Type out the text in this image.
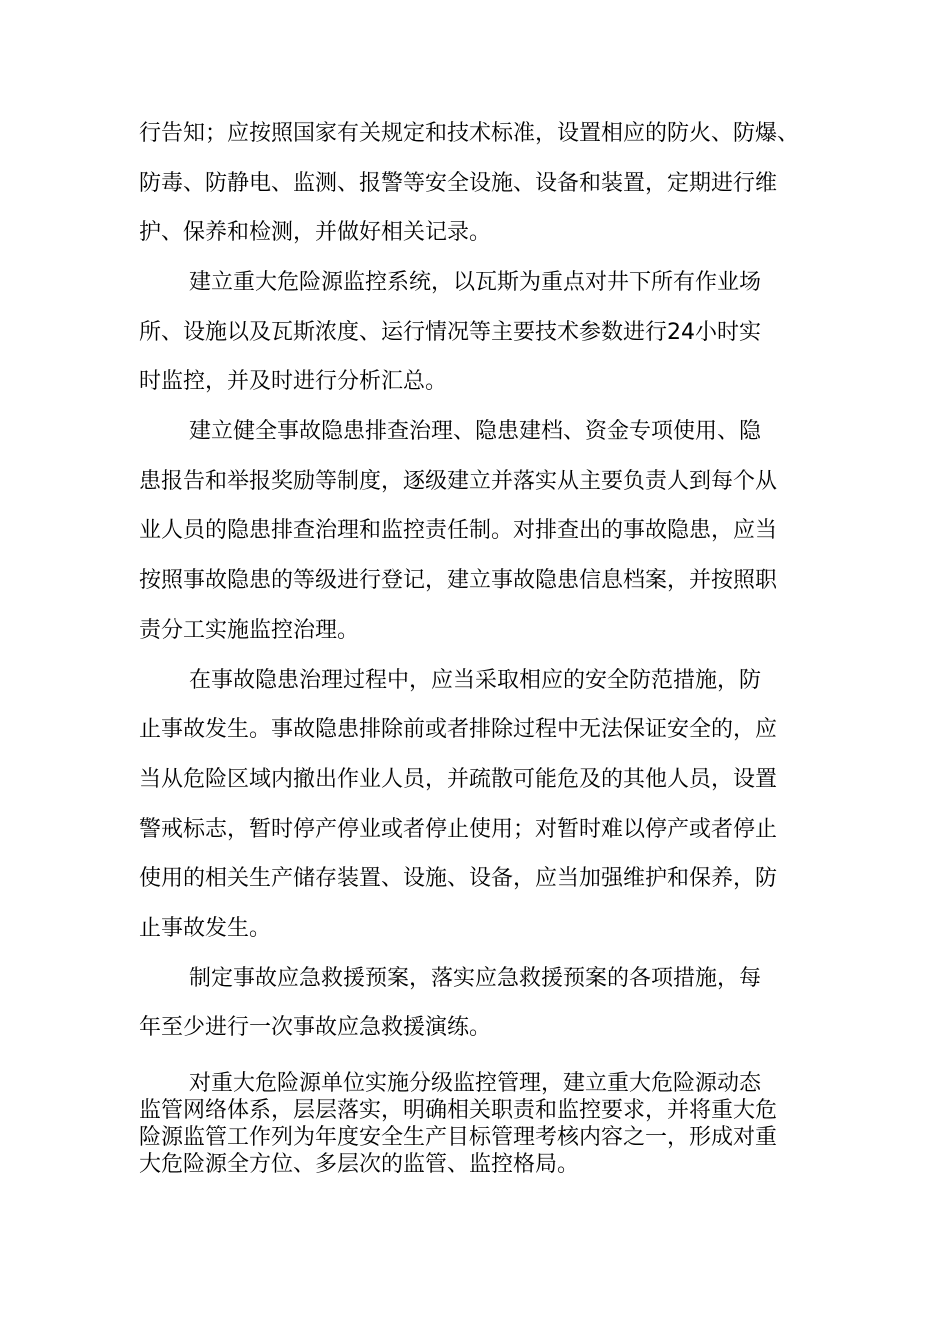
行告知；应按照国家有关规定和技术标准，设置相应的防火、防爆、
防毒、防静电、监测、报警等安全设施、设备和装置，定期进行维
护、保养和检测，并做好相关记录。
建立重大危险源监控系统，以瓦斯为重点对井下所有作业场
所、设施以及瓦斯浓度、运行情况等主要技术参数进行24小时实
时监控，并及时进行分析汇总。
建立健全事故隐患排查治理、隐患建档、资金专项使用、隐
患报告和举报奖励等制度，逐级建立并落实从主要负责人到每个从
业人员的隐患排查治理和监控责任制。对排查出的事故隐患，应当
按照事故隐患的等级进行登记，建立事故隐患信息档案，并按照职
责分工实施监控治理。
在事故隐患治理过程中，应当采取相应的安全防范措施，防
止事故发生。事故隐患排除前或者排除过程中无法保证安全的，应
当从危险区域内撤出作业人员，并疏散可能危及的其他人员，设置
警戒标志，暂时停产停业或者停止使用；对暂时难以停产或者停止
使用的相关生产储存装置、设施、设备，应当加强维护和保养，防
止事故发生。
制定事故应急救援预案，落实应急救援预案的各项措施，每
年至少进行一次事故应急救援演练。
对重大危险源单位实施分级监控管理，建立重大危险源动态
监管网络体系，层层落实，明确相关职责和监控要求，并将重大危
险源监管工作列为年度安全生产目标管理考核内容之一，形成对重
大危险源全方位、多层次的监管、监控格局。
